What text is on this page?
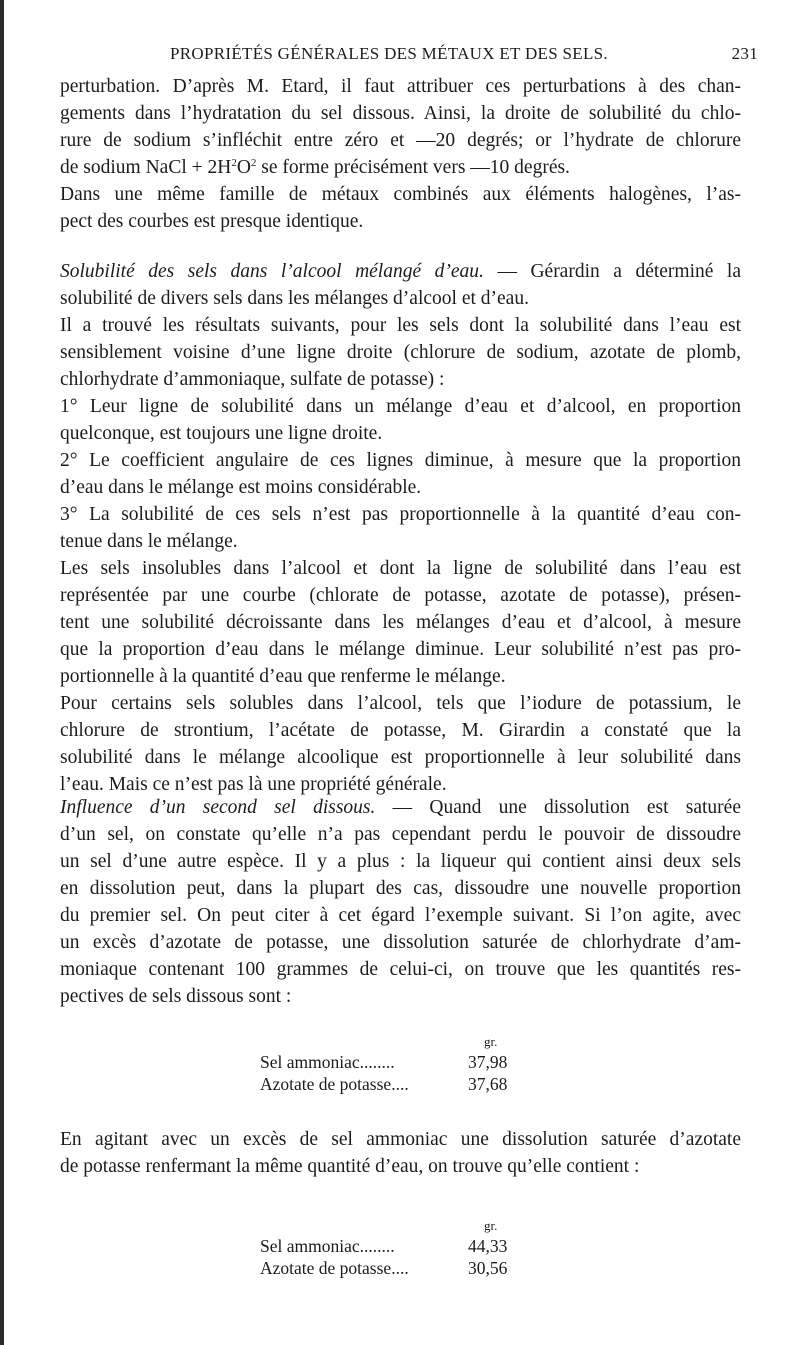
PROPRIÉTÉS GÉNÉRALES DES MÉTAUX ET DES SELS.	231
perturbation. D’après M. Etard, il faut attribuer ces perturbations à des chan-
gements dans l’hydratation du sel dissous. Ainsi, la droite de solubilité du chlo-
rure de sodium s’infléchit entre zéro et —20 degrés; or l’hydrate de chlorure
de sodium NaCl + $2H^2O^2$ se forme précisément vers —10 degrés.
Dans une même famille de métaux combinés aux éléments halogènes, l’as-
pect des courbes est presque identique.
Solubilité des sels dans l’alcool mélangé d’eau. — Gérardin a déterminé la
solubilité de divers sels dans les mélanges d’alcool et d’eau.
Il a trouvé les résultats suivants, pour les sels dont la solubilité dans l’eau est
sensiblement voisine d’une ligne droite (chlorure de sodium, azotate de plomb,
chlorhydrate d’ammoniaque, sulfate de potasse) :
1° Leur ligne de solubilité dans un mélange d’eau et d’alcool, en proportion
quelconque, est toujours une ligne droite.
2° Le coefficient angulaire de ces lignes diminue, à mesure que la proportion
d’eau dans le mélange est moins considérable.
3° La solubilité de ces sels n’est pas proportionnelle à la quantité d’eau con-
tenue dans le mélange.
Les sels insolubles dans l’alcool et dont la ligne de solubilité dans l’eau est
représentée par une courbe (chlorate de potasse, azotate de potasse), présen-
tent une solubilité décroissante dans les mélanges d’eau et d’alcool, à mesure
que la proportion d’eau dans le mélange diminue. Leur solubilité n’est pas pro-
portionnelle à la quantité d’eau que renferme le mélange.
Pour certains sels solubles dans l’alcool, tels que l’iodure de potassium, le
chlorure de strontium, l’acétate de potasse, M. Girardin a constaté que la
solubilité dans le mélange alcoolique est proportionnelle à leur solubilité dans
l’eau. Mais ce n’est pas là une propriété générale.
Influence d’un second sel dissous. — Quand une dissolution est saturée
d’un sel, on constate qu’elle n’a pas cependant perdu le pouvoir de dissoudre
un sel d’une autre espèce. Il y a plus : la liqueur qui contient ainsi deux sels
en dissolution peut, dans la plupart des cas, dissoudre une nouvelle proportion
du premier sel. On peut citer à cet égard l’exemple suivant. Si l’on agite, avec
un excès d’azotate de potasse, une dissolution saturée de chlorhydrate d’am-
moniaque contenant 100 grammes de celui-ci, on trouve que les quantités res-
pectives de sels dissous sont :
gr.
Sel ammoniac........	37,98
Azotate de potasse....	37,68
En agitant avec un excès de sel ammoniac une dissolution saturée d’azotate
de potasse renfermant la même quantité d’eau, on trouve qu’elle contient :
gr.
Sel ammoniac........	44,33
Azotate de potasse....	30,56
